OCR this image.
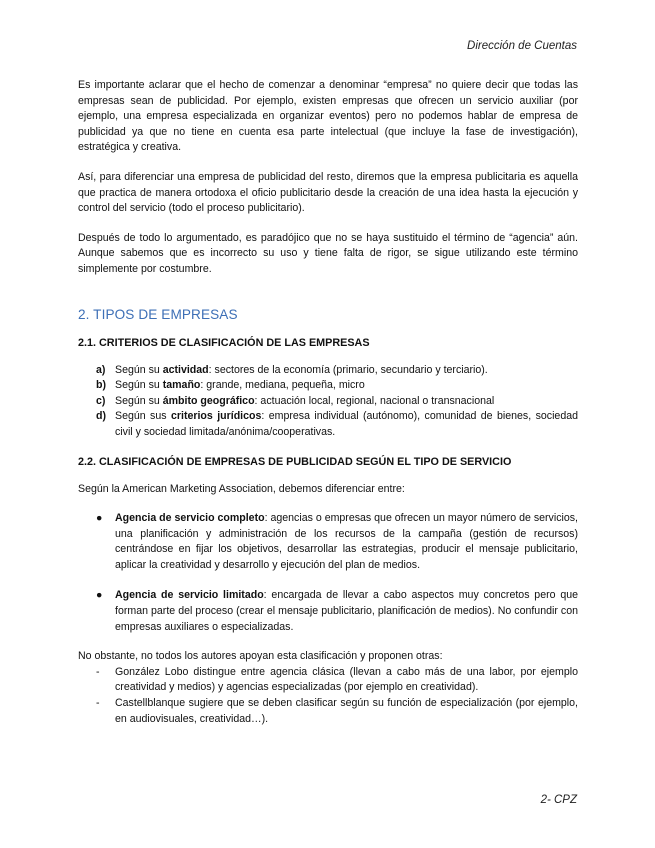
Dirección de Cuentas

Es importante aclarar que el hecho de comenzar a denominar “empresa” no quiere decir que todas las empresas sean de publicidad. Por ejemplo, existen empresas que ofrecen un servicio auxiliar (por ejemplo, una empresa especializada en organizar eventos) pero no podemos hablar de empresa de publicidad ya que no tiene en cuenta esa parte intelectual (que incluye la fase de investigación), estratégica y creativa.

Así, para diferenciar una empresa de publicidad del resto, diremos que la empresa publicitaria es aquella que practica de manera ortodoxa el oficio publicitario desde la creación de una idea hasta la ejecución y control del servicio (todo el proceso publicitario).

Después de todo lo argumentado, es paradójico que no se haya sustituido el término de “agencia” aún. Aunque sabemos que es incorrecto su uso y tiene falta de rigor, se sigue utilizando este término simplemente por costumbre.

2. TIPOS DE EMPRESAS
2.1. CRITERIOS DE CLASIFICACIÓN DE LAS EMPRESAS
a) Según su actividad: sectores de la economía (primario, secundario y terciario).
b) Según su tamaño: grande, mediana, pequeña, micro
c) Según su ámbito geográfico: actuación local, regional, nacional o transnacional
d) Según sus criterios jurídicos: empresa individual (autónomo), comunidad de bienes, sociedad civil y sociedad limitada/anónima/cooperativas.
2.2. CLASIFICACIÓN DE EMPRESAS DE PUBLICIDAD SEGÚN EL TIPO DE SERVICIO

Según la American Marketing Association, debemos diferenciar entre:

● Agencia de servicio completo: agencias o empresas que ofrecen un mayor número de servicios, una planificación y administración de los recursos de la campaña (gestión de recursos) centrándose en fijar los objetivos, desarrollar las estrategias, producir el mensaje publicitario, aplicar la creatividad y desarrollo y ejecución del plan de medios.
● Agencia de servicio limitado: encargada de llevar a cabo aspectos muy concretos pero que forman parte del proceso (crear el mensaje publicitario, planificación de medios). No confundir con empresas auxiliares o especializadas.

No obstante, no todos los autores apoyan esta clasificación y proponen otras:

- González Lobo distingue entre agencia clásica (llevan a cabo más de una labor, por ejemplo creatividad y medios) y agencias especializadas (por ejemplo en creatividad).
- Castellblanque sugiere que se deben clasificar según su función de especialización (por ejemplo, en audiovisuales, creatividad…).
2- CPZ
